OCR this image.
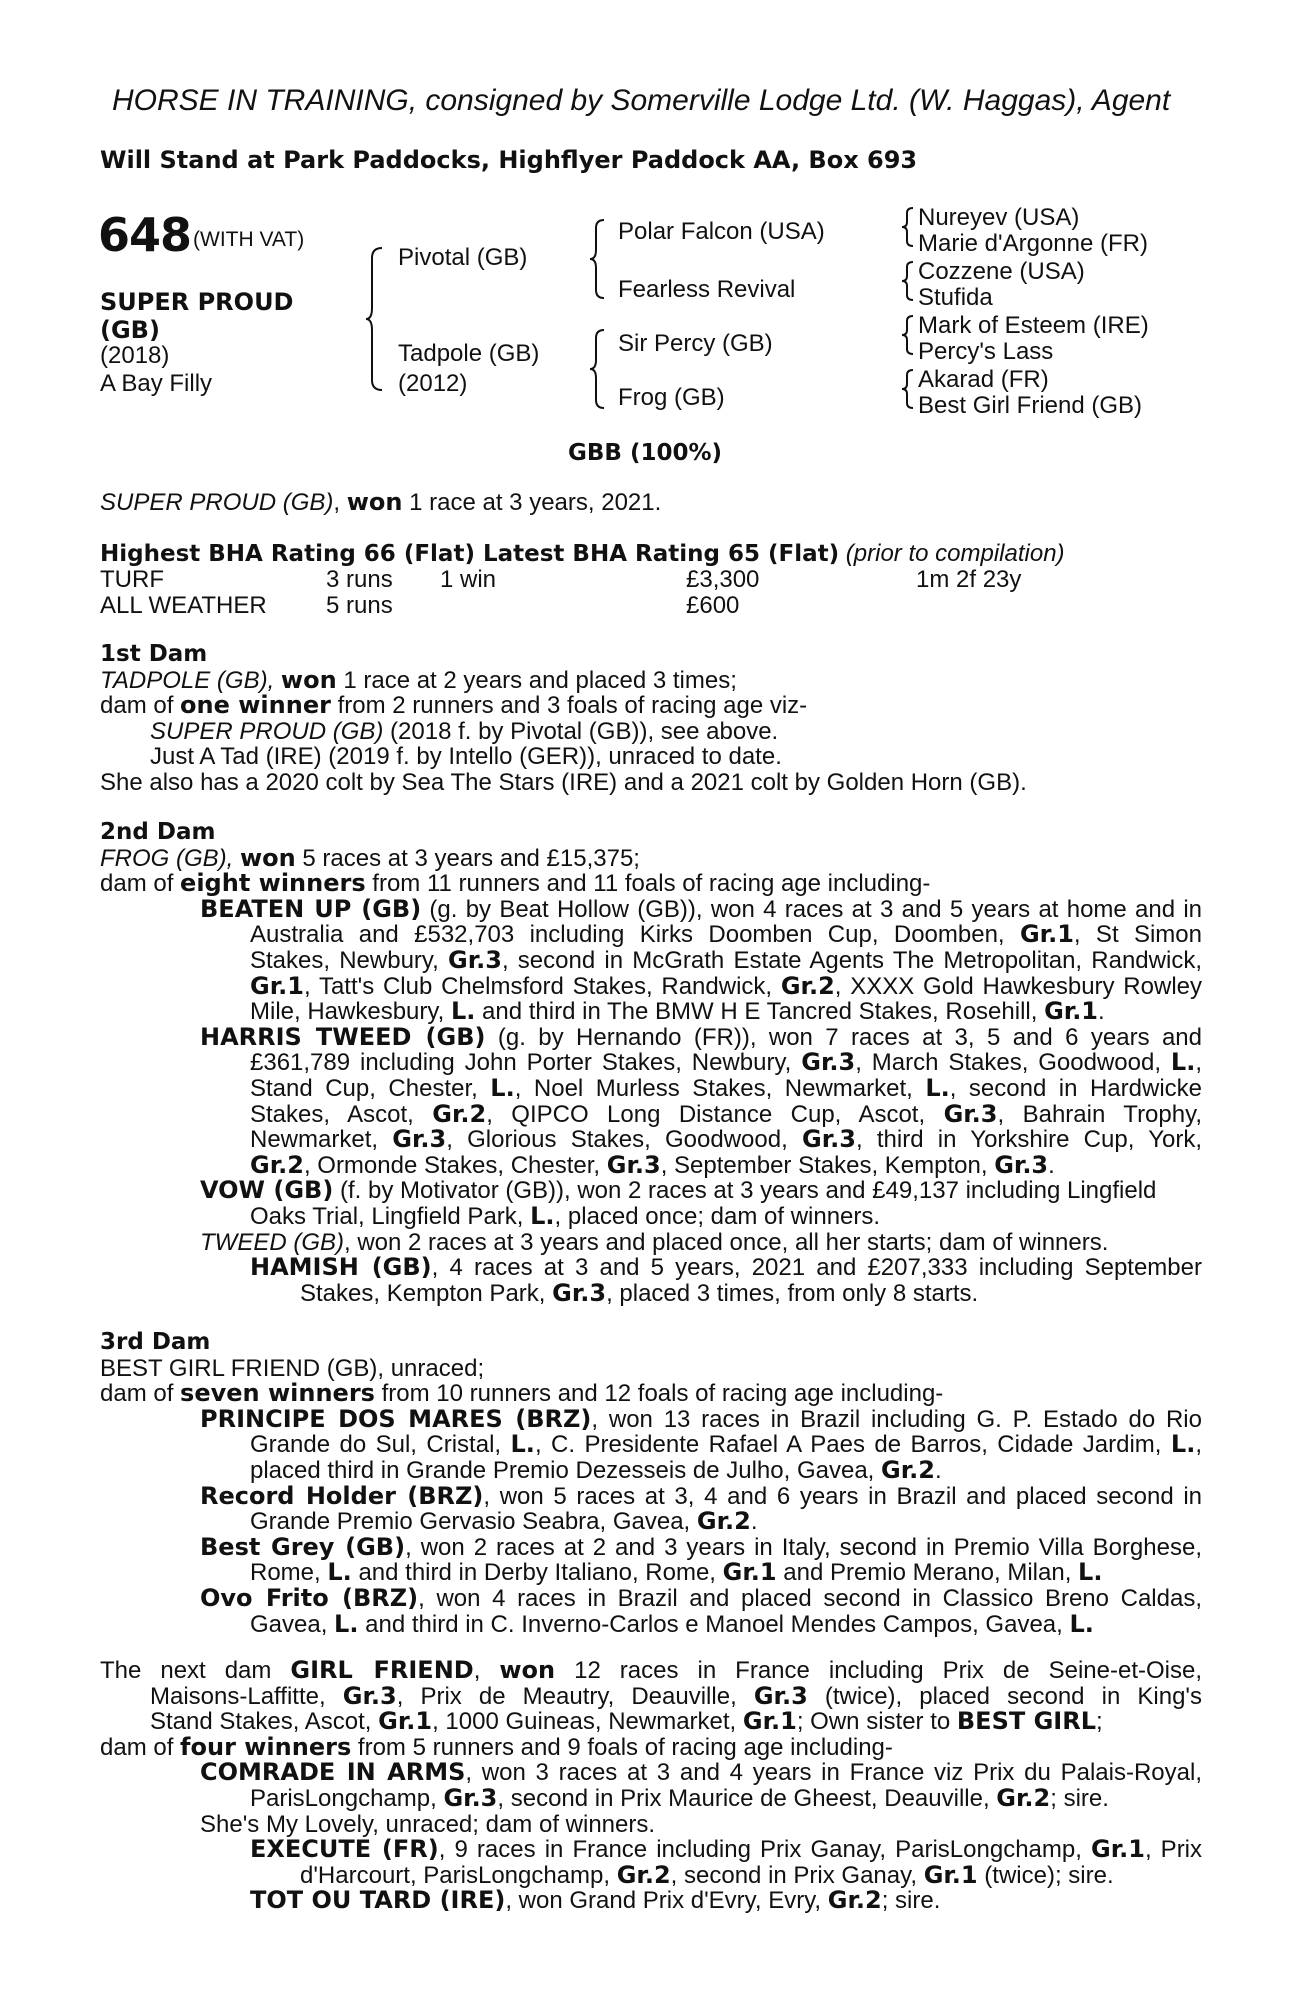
HORSE IN TRAINING, consigned by Somerville Lodge Ltd. (W. Haggas), Agent
Will Stand at Park Paddocks, Highflyer Paddock AA, Box 693
648 (WITH VAT)
SUPER PROUD (GB)
(2018)
A Bay Filly
Pivotal (GB)
Tadpole (GB)
(2012)
Polar Falcon (USA)
Fearless Revival
Sir Percy (GB)
Frog (GB)
Nureyev (USA)
Marie d'Argonne (FR)
Cozzene (USA)
Stufida
Mark of Esteem (IRE)
Percy's Lass
Akarad (FR)
Best Girl Friend (GB)
GBB (100%)
SUPER PROUD (GB), won 1 race at 3 years, 2021.
Highest BHA Rating 66 (Flat) Latest BHA Rating 65 (Flat) (prior to compilation)
TURF	3 runs 1 win	£3,300	1m 2f 23y
ALL WEATHER 5 runs	£600
1st Dam
TADPOLE (GB), won 1 race at 2 years and placed 3 times;
dam of one winner from 2 runners and 3 foals of racing age viz-
SUPER PROUD (GB) (2018 f. by Pivotal (GB)), see above.
Just A Tad (IRE) (2019 f. by Intello (GER)), unraced to date.
She also has a 2020 colt by Sea The Stars (IRE) and a 2021 colt by Golden Horn (GB).
2nd Dam
FROG (GB), won 5 races at 3 years and £15,375;
dam of eight winners from 11 runners and 11 foals of racing age including-
BEATEN UP (GB) (g. by Beat Hollow (GB)), won 4 races at 3 and 5 years at home and in
Australia and £532,703 including Kirks Doomben Cup, Doomben, Gr.1, St Simon
Stakes, Newbury, Gr.3, second in McGrath Estate Agents The Metropolitan, Randwick,
Gr.1, Tatt's Club Chelmsford Stakes, Randwick, Gr.2, XXXX Gold Hawkesbury Rowley
Mile, Hawkesbury, L. and third in The BMW H E Tancred Stakes, Rosehill, Gr.1.
HARRIS TWEED (GB) (g. by Hernando (FR)), won 7 races at 3, 5 and 6 years and
£361,789 including John Porter Stakes, Newbury, Gr.3, March Stakes, Goodwood, L.,
Stand Cup, Chester, L., Noel Murless Stakes, Newmarket, L., second in Hardwicke
Stakes, Ascot, Gr.2, QIPCO Long Distance Cup, Ascot, Gr.3, Bahrain Trophy,
Newmarket, Gr.3, Glorious Stakes, Goodwood, Gr.3, third in Yorkshire Cup, York,
Gr.2, Ormonde Stakes, Chester, Gr.3, September Stakes, Kempton, Gr.3.
VOW (GB) (f. by Motivator (GB)), won 2 races at 3 years and £49,137 including Lingfield
Oaks Trial, Lingfield Park, L., placed once; dam of winners.
TWEED (GB), won 2 races at 3 years and placed once, all her starts; dam of winners.
HAMISH (GB), 4 races at 3 and 5 years, 2021 and £207,333 including September
Stakes, Kempton Park, Gr.3, placed 3 times, from only 8 starts.
3rd Dam
BEST GIRL FRIEND (GB), unraced;
dam of seven winners from 10 runners and 12 foals of racing age including-
PRINCIPE DOS MARES (BRZ), won 13 races in Brazil including G. P. Estado do Rio
Grande do Sul, Cristal, L., C. Presidente Rafael A Paes de Barros, Cidade Jardim, L.,
placed third in Grande Premio Dezesseis de Julho, Gavea, Gr.2.
Record Holder (BRZ), won 5 races at 3, 4 and 6 years in Brazil and placed second in
Grande Premio Gervasio Seabra, Gavea, Gr.2.
Best Grey (GB), won 2 races at 2 and 3 years in Italy, second in Premio Villa Borghese,
Rome, L. and third in Derby Italiano, Rome, Gr.1 and Premio Merano, Milan, L.
Ovo Frito (BRZ), won 4 races in Brazil and placed second in Classico Breno Caldas,
Gavea, L. and third in C. Inverno-Carlos e Manoel Mendes Campos, Gavea, L.
The next dam GIRL FRIEND, won 12 races in France including Prix de Seine-et-Oise,
Maisons-Laffitte, Gr.3, Prix de Meautry, Deauville, Gr.3 (twice), placed second in King's
Stand Stakes, Ascot, Gr.1, 1000 Guineas, Newmarket, Gr.1; Own sister to BEST GIRL;
dam of four winners from 5 runners and 9 foals of racing age including-
COMRADE IN ARMS, won 3 races at 3 and 4 years in France viz Prix du Palais-Royal,
ParisLongchamp, Gr.3, second in Prix Maurice de Gheest, Deauville, Gr.2; sire.
She's My Lovely, unraced; dam of winners.
EXECUTE (FR), 9 races in France including Prix Ganay, ParisLongchamp, Gr.1, Prix
d'Harcourt, ParisLongchamp, Gr.2, second in Prix Ganay, Gr.1 (twice); sire.
TOT OU TARD (IRE), won Grand Prix d'Evry, Evry, Gr.2; sire.
